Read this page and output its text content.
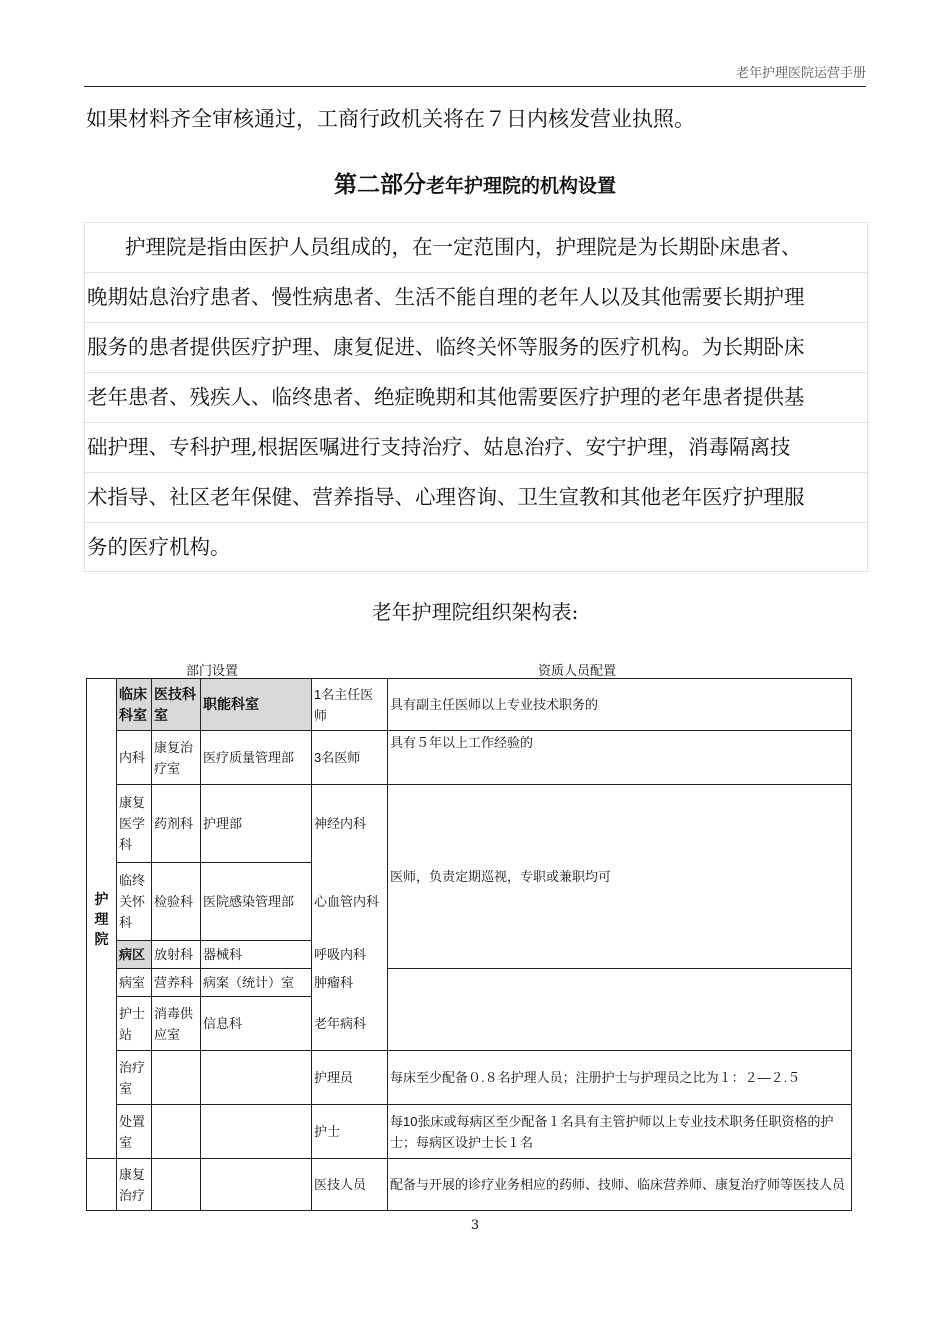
老年护理医院运营手册
如果材料齐全审核通过，工商行政机关将在７日内核发营业执照。
第二部分老年护理院的机构设置
护理院是指由医护人员组成的，在一定范围内，护理院是为长期卧床患者、
晚期姑息治疗患者、慢性病患者、生活不能自理的老年人以及其他需要长期护理
服务的患者提供医疗护理、康复促进、临终关怀等服务的医疗机构。为长期卧床
老年患者、残疾人、临终患者、绝症晚期和其他需要医疗护理的老年患者提供基
础护理、专科护理,根据医嘱进行支持治疗、姑息治疗、安宁护理，消毒隔离技
术指导、社区老年保健、营养指导、心理咨询、卫生宣教和其他老年医疗护理服
务的医疗机构。
老年护理院组织架构表:
部门设置	资质人员配置
护
理
院	临床科室	医技科室	职能科室	1名主任医师	具有副主任医师以上专业技术职务的
	内科	康复治疗室	医疗质量管理部	3名医师	具有５年以上工作经验的
	康复医学科	药剂科	护理部	神经内科	医师，负责定期巡视，专职或兼职均可
	临终关怀科	检验科	医院感染管理部	心血管内科	
	病区	放射科	器械科	呼吸内科	
	病室	营养科	病案（统计）室	肿瘤科	
	护士站	消毒供应室	信息科	老年病科	
	治疗室			护理员	每床至少配备０.８名护理人员；注册护士与护理员之比为１：２—２.５
	处置室			护士	每10张床或每病区至少配备１名具有主管护师以上专业技术职务任职资格的护士；每病区设护士长１名
	康复治疗			医技人员	配备与开展的诊疗业务相应的药师、技师、临床营养师、康复治疗师等医技人员
3
